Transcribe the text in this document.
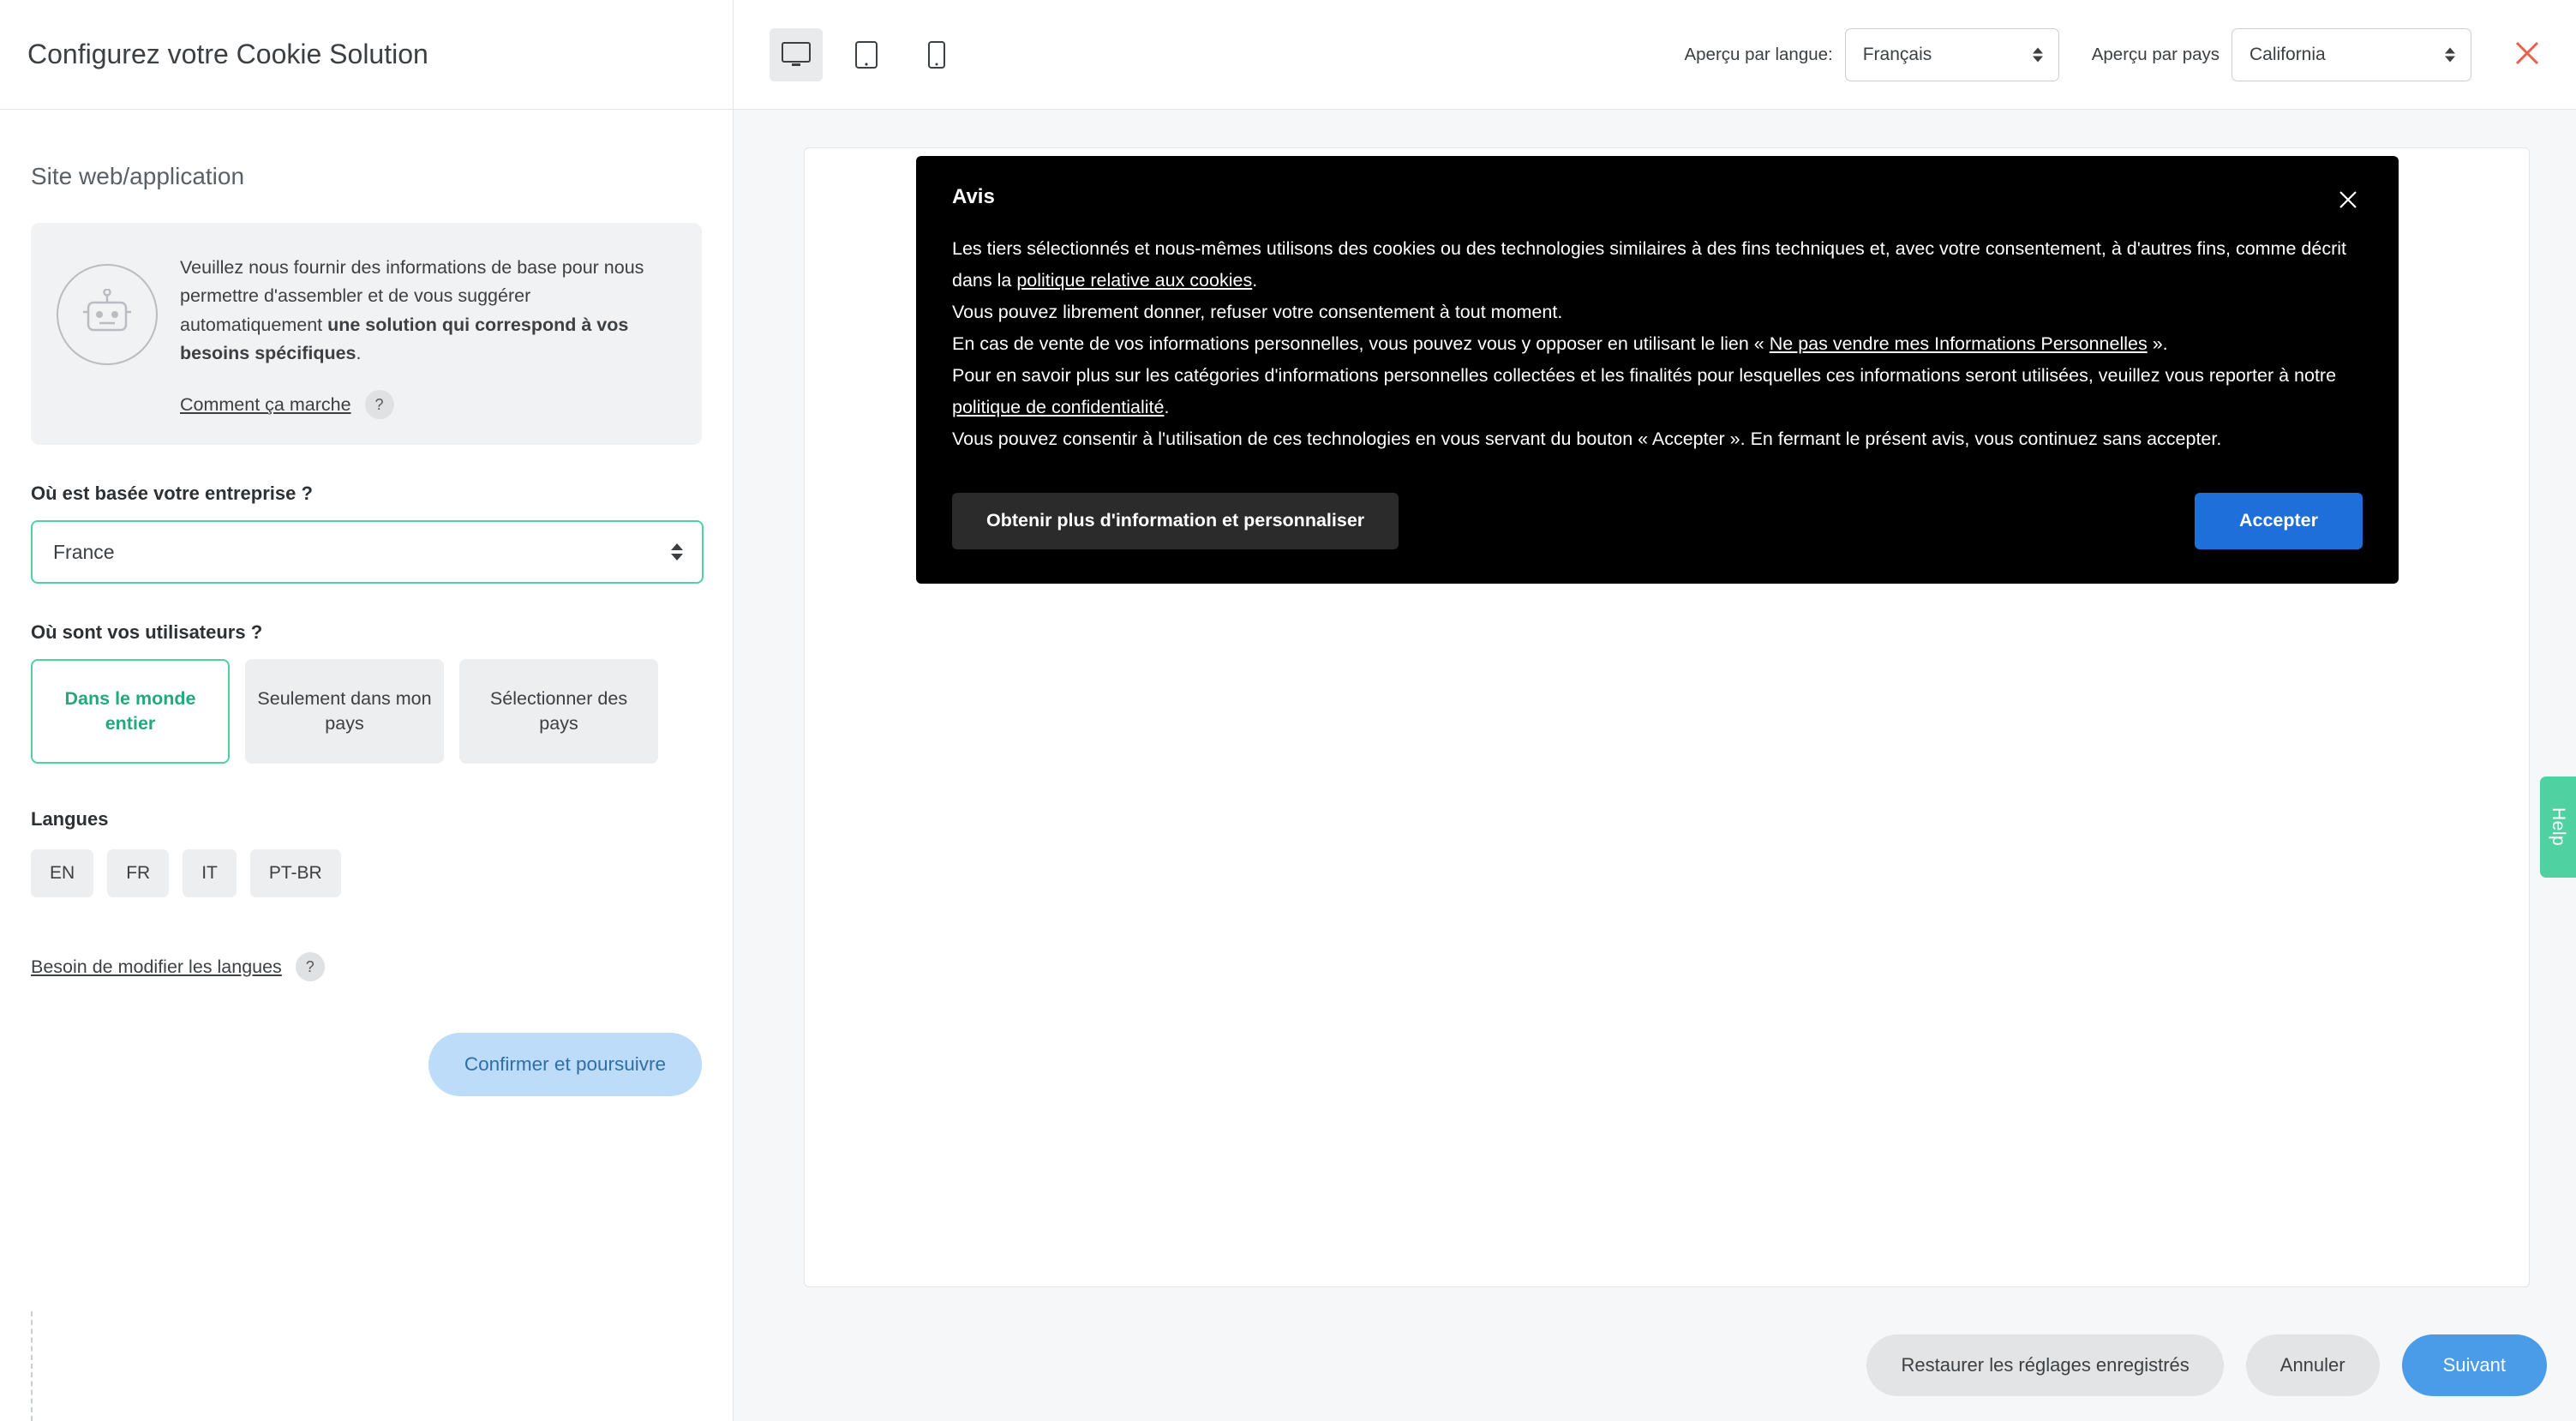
Configurez votre Cookie Solution	Aperçu par langue: Français	Aperçu par pays California
Site web/application
Veuillez nous fournir des informations de base pour nous permettre d'assembler et de vous suggérer automatiquement une solution qui correspond à vos besoins spécifiques.
Comment ça marche	?
Où est basée votre entreprise ?
France
Où sont vos utilisateurs ?
Dans le monde entier
Seulement dans mon pays
Sélectionner des pays
Langues
EN	FR	IT	PT-BR
Besoin de modifier les langues	?
Confirmer et poursuivre
Avis
Les tiers sélectionnés et nous-mêmes utilisons des cookies ou des technologies similaires à des fins techniques et, avec votre consentement, à d'autres fins, comme décrit dans la politique relative aux cookies.
Vous pouvez librement donner, refuser votre consentement à tout moment.
En cas de vente de vos informations personnelles, vous pouvez vous y opposer en utilisant le lien « Ne pas vendre mes Informations Personnelles ».
Pour en savoir plus sur les catégories d'informations personnelles collectées et les finalités pour lesquelles ces informations seront utilisées, veuillez vous reporter à notre politique de confidentialité.
Vous pouvez consentir à l'utilisation de ces technologies en vous servant du bouton « Accepter ». En fermant le présent avis, vous continuez sans accepter.
Obtenir plus d'information et personnaliser	Accepter
Help
Restaurer les réglages enregistrés	Annuler	Suivant
